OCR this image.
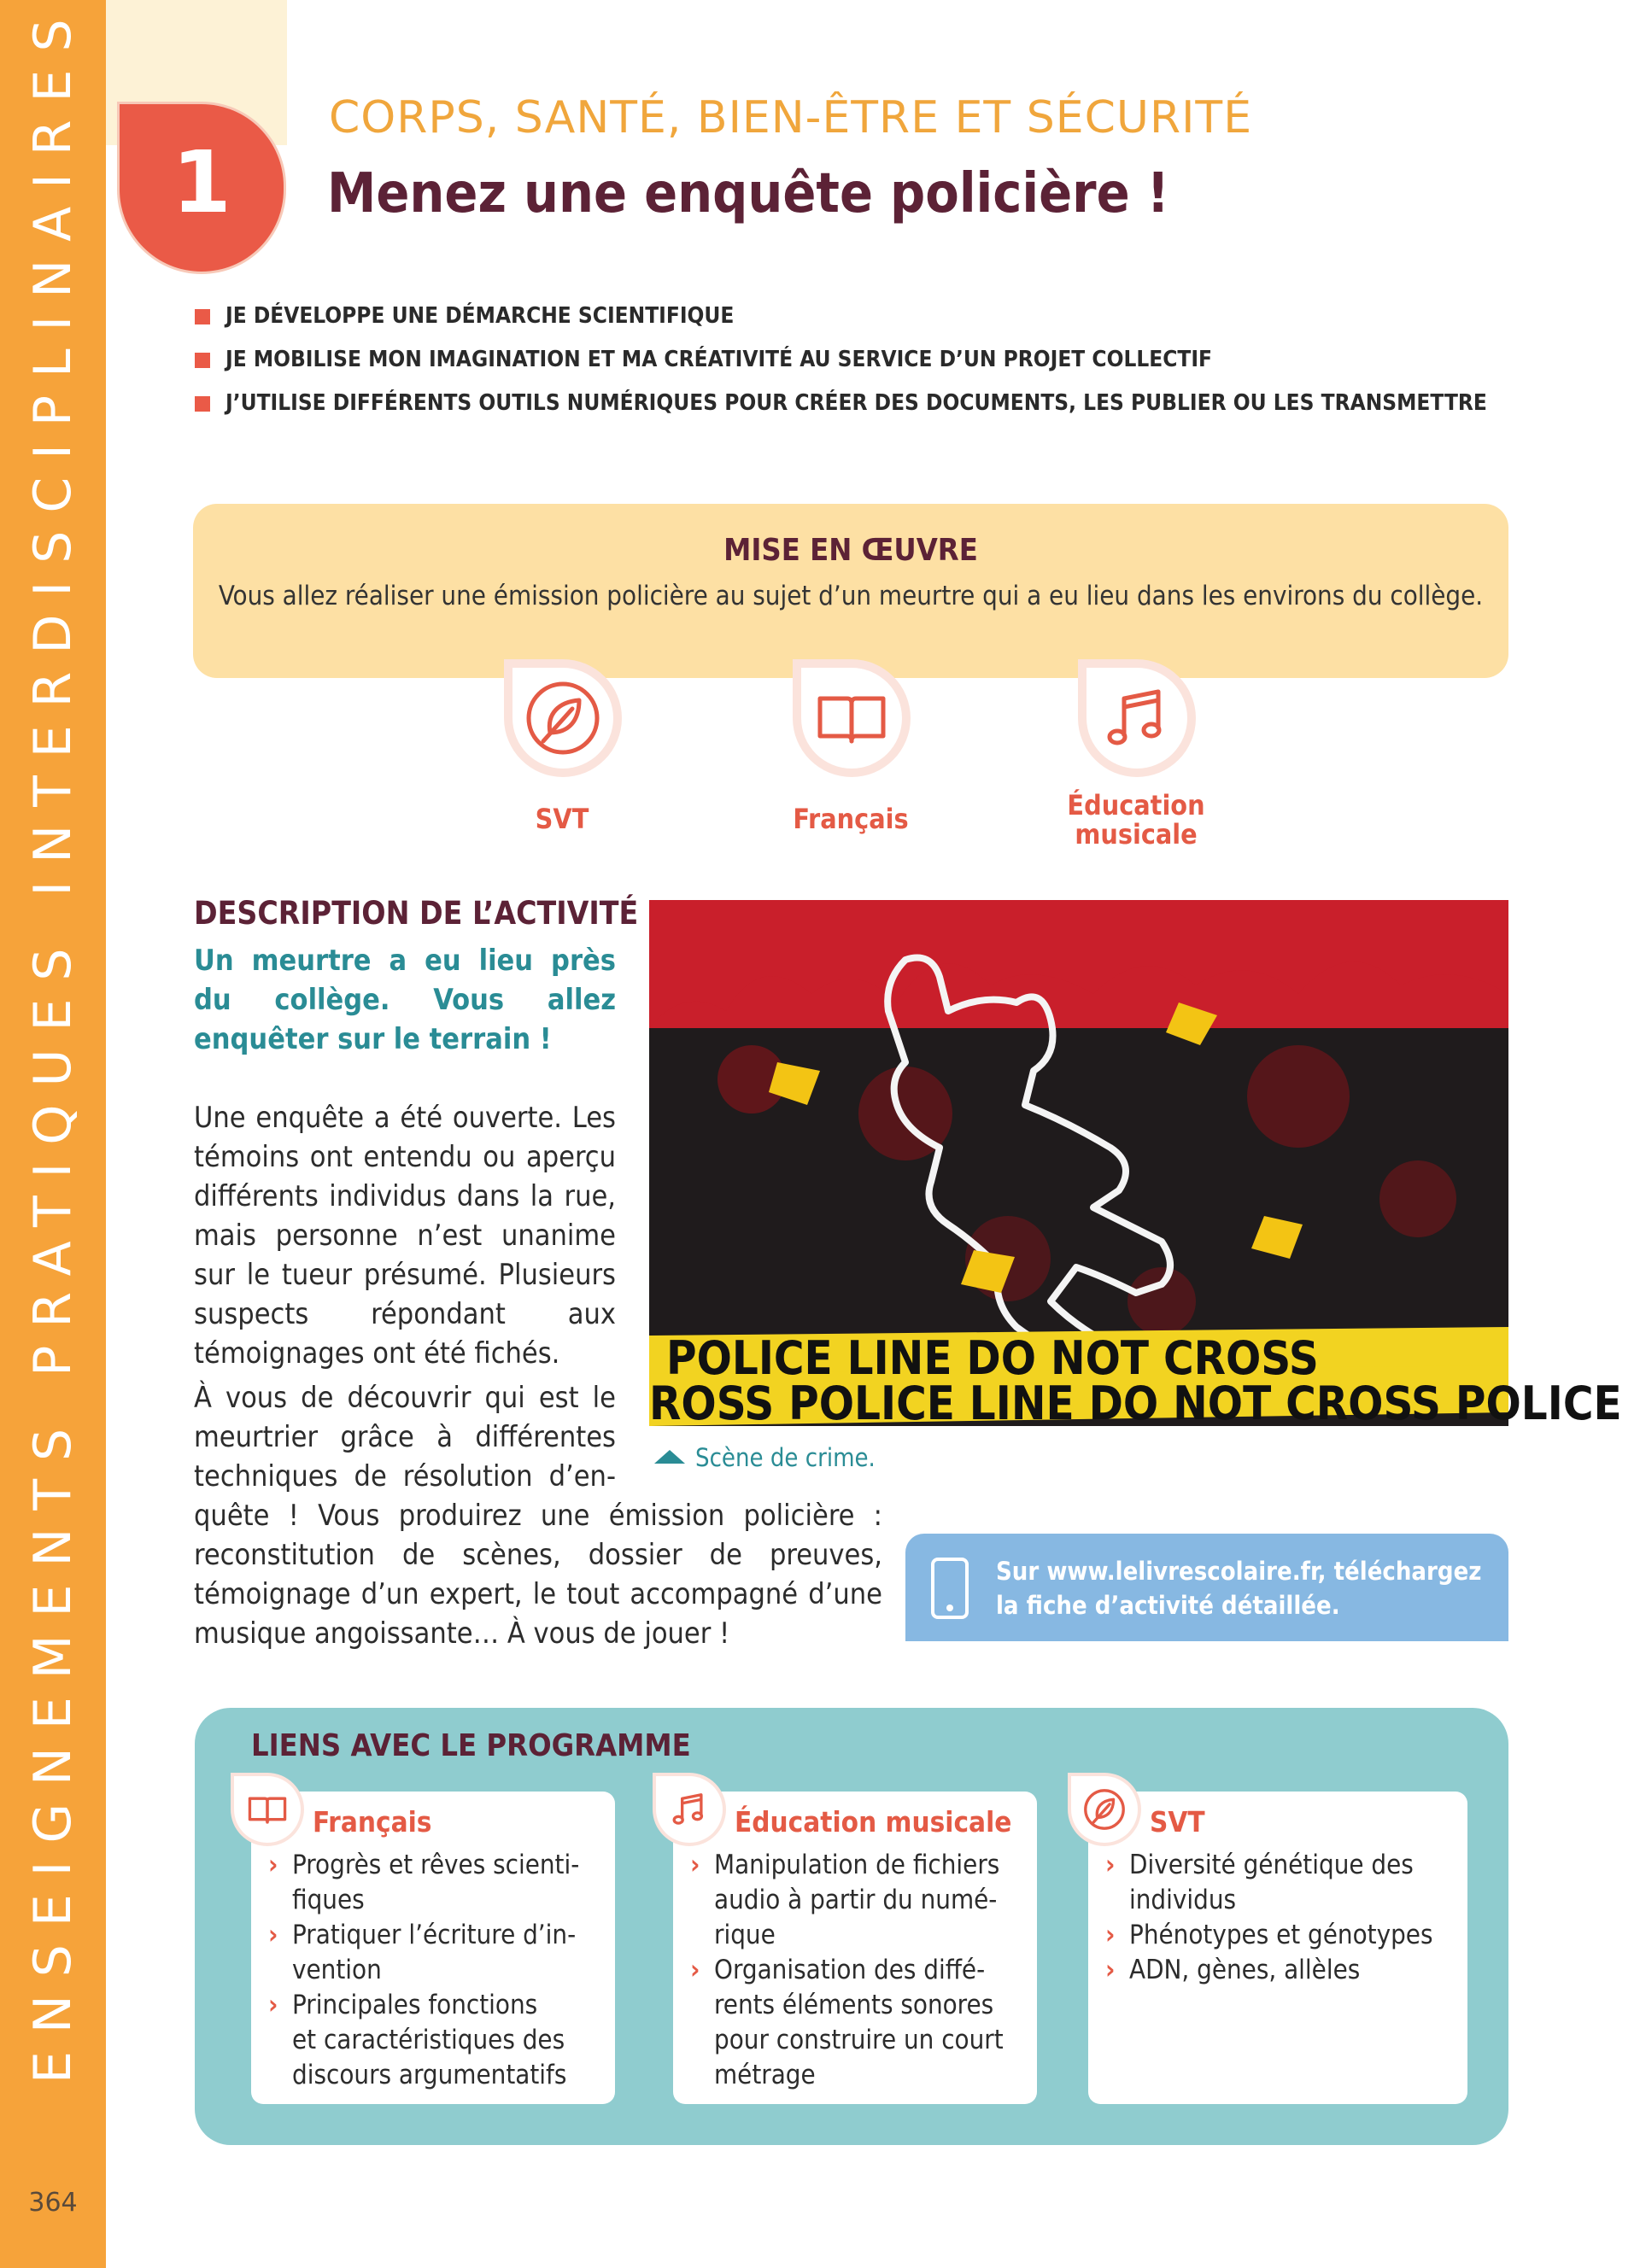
ENSEIGNEMENTS PRATIQUES INTERDISCIPLINAIRES
364
1
CORPS, SANTÉ, BIEN-ÊTRE ET SÉCURITÉ
Menez une enquête policière !
JE DÉVELOPPE UNE DÉMARCHE SCIENTIFIQUE
JE MOBILISE MON IMAGINATION ET MA CRÉATIVITÉ AU SERVICE D’UN PROJET COLLECTIF
J’UTILISE DIFFÉRENTS OUTILS NUMÉRIQUES POUR CRÉER DES DOCUMENTS, LES PUBLIER OU LES TRANSMETTRE
MISE EN ŒUVRE
Vous allez réaliser une émission policière au sujet d’un meurtre qui a eu lieu dans les environs du collège.
SVT	Français	Éducation
musicale
DESCRIPTION DE L’ACTIVITÉ
Un meurtre a eu lieu près du collège. Vous allez enquêter sur le terrain !
Une enquête a été ouverte. Les témoins ont entendu ou aperçu différents individus dans la rue, mais personne n’est unanime sur le tueur présumé. Plusieurs suspects répondant aux témoignages ont été fichés.
À vous de découvrir qui est le meurtrier grâce à différentes techniques de résolution d’en-
quête ! Vous produirez une émission policière : reconstitution de scènes, dossier de preuves, témoignage d’un expert, le tout accompagné d’une musique angoissante… À vous de jouer !
POLICE LINE DO NOT CROSS
ROSS POLICE LINE DO NOT CROSS POLICE
Scène de crime.
Sur www.lelivrescolaire.fr, téléchargez la fiche d’activité détaillée.
LIENS AVEC LE PROGRAMME
Français
› Progrès et rêves scienti-
fiques
› Pratiquer l’écriture d’in-
vention
› Principales fonctions
et caractéristiques des
discours argumentatifs
Éducation musicale
› Manipulation de fichiers
audio à partir du numé-
rique
› Organisation des diffé-
rents éléments sonores
pour construire un court
métrage
SVT
› Diversité génétique des
individus
› Phénotypes et génotypes
› ADN, gènes, allèles
